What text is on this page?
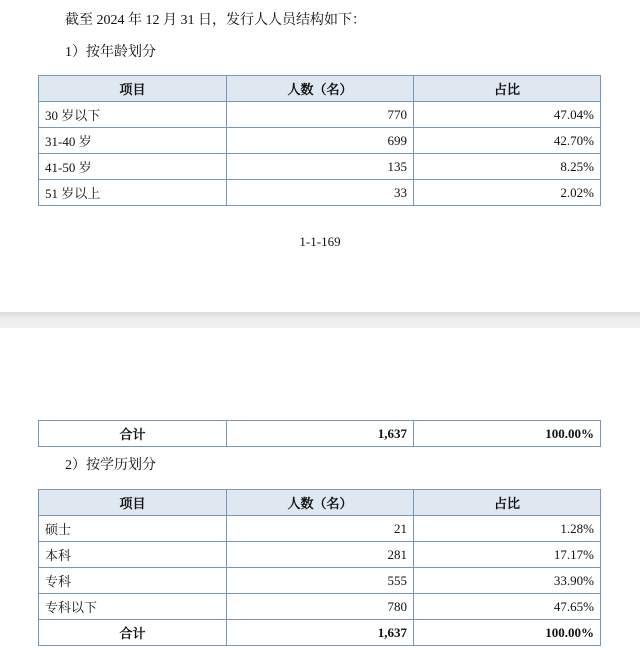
截至 2024 年 12 月 31 日，发行人人员结构如下：
1）按年龄划分
项目	人数（名）	占比
30 岁以下	770	47.04%
31-40 岁	699	42.70%
41-50 岁	135	8.25%
51 岁以上	33	2.02%
1-1-169
合计	1,637	100.00%
2）按学历划分
项目	人数（名）	占比
硕士	21	1.28%
本科	281	17.17%
专科	555	33.90%
专科以下	780	47.65%
合计	1,637	100.00%
